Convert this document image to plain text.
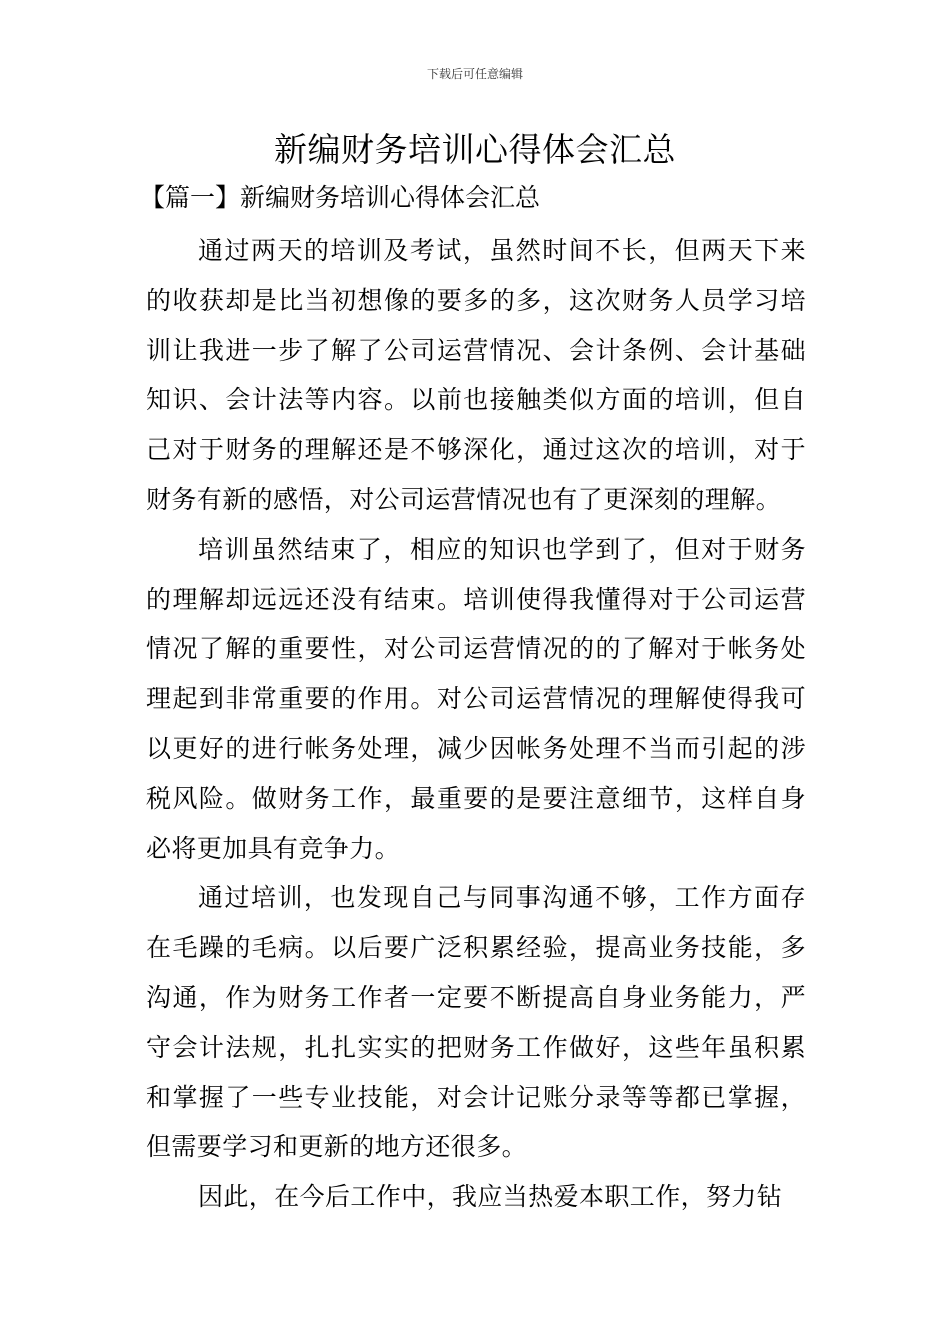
下载后可任意编辑
新编财务培训心得体会汇总
【篇一】新编财务培训心得体会汇总

通过两天的培训及考试，虽然时间不长，但两天下来的收获却是比当初想像的要多的多，这次财务人员学习培训让我进一步了解了公司运营情况、会计条例、会计基础知识、会计法等内容。以前也接触类似方面的培训，但自己对于财务的理解还是不够深化，通过这次的培训，对于财务有新的感悟，对公司运营情况也有了更深刻的理解。

培训虽然结束了，相应的知识也学到了，但对于财务的理解却远远还没有结束。培训使得我懂得对于公司运营情况了解的重要性，对公司运营情况的的了解对于帐务处理起到非常重要的作用。对公司运营情况的理解使得我可以更好的进行帐务处理，减少因帐务处理不当而引起的涉税风险。做财务工作，最重要的是要注意细节，这样自身必将更加具有竞争力。

通过培训，也发现自己与同事沟通不够，工作方面存在毛躁的毛病。以后要广泛积累经验，提高业务技能，多沟通，作为财务工作者一定要不断提高自身业务能力，严守会计法规，扎扎实实的把财务工作做好，这些年虽积累和掌握了一些专业技能，对会计记账分录等等都已掌握，但需要学习和更新的地方还很多。

因此，在今后工作中，我应当热爱本职工作，努力钻
